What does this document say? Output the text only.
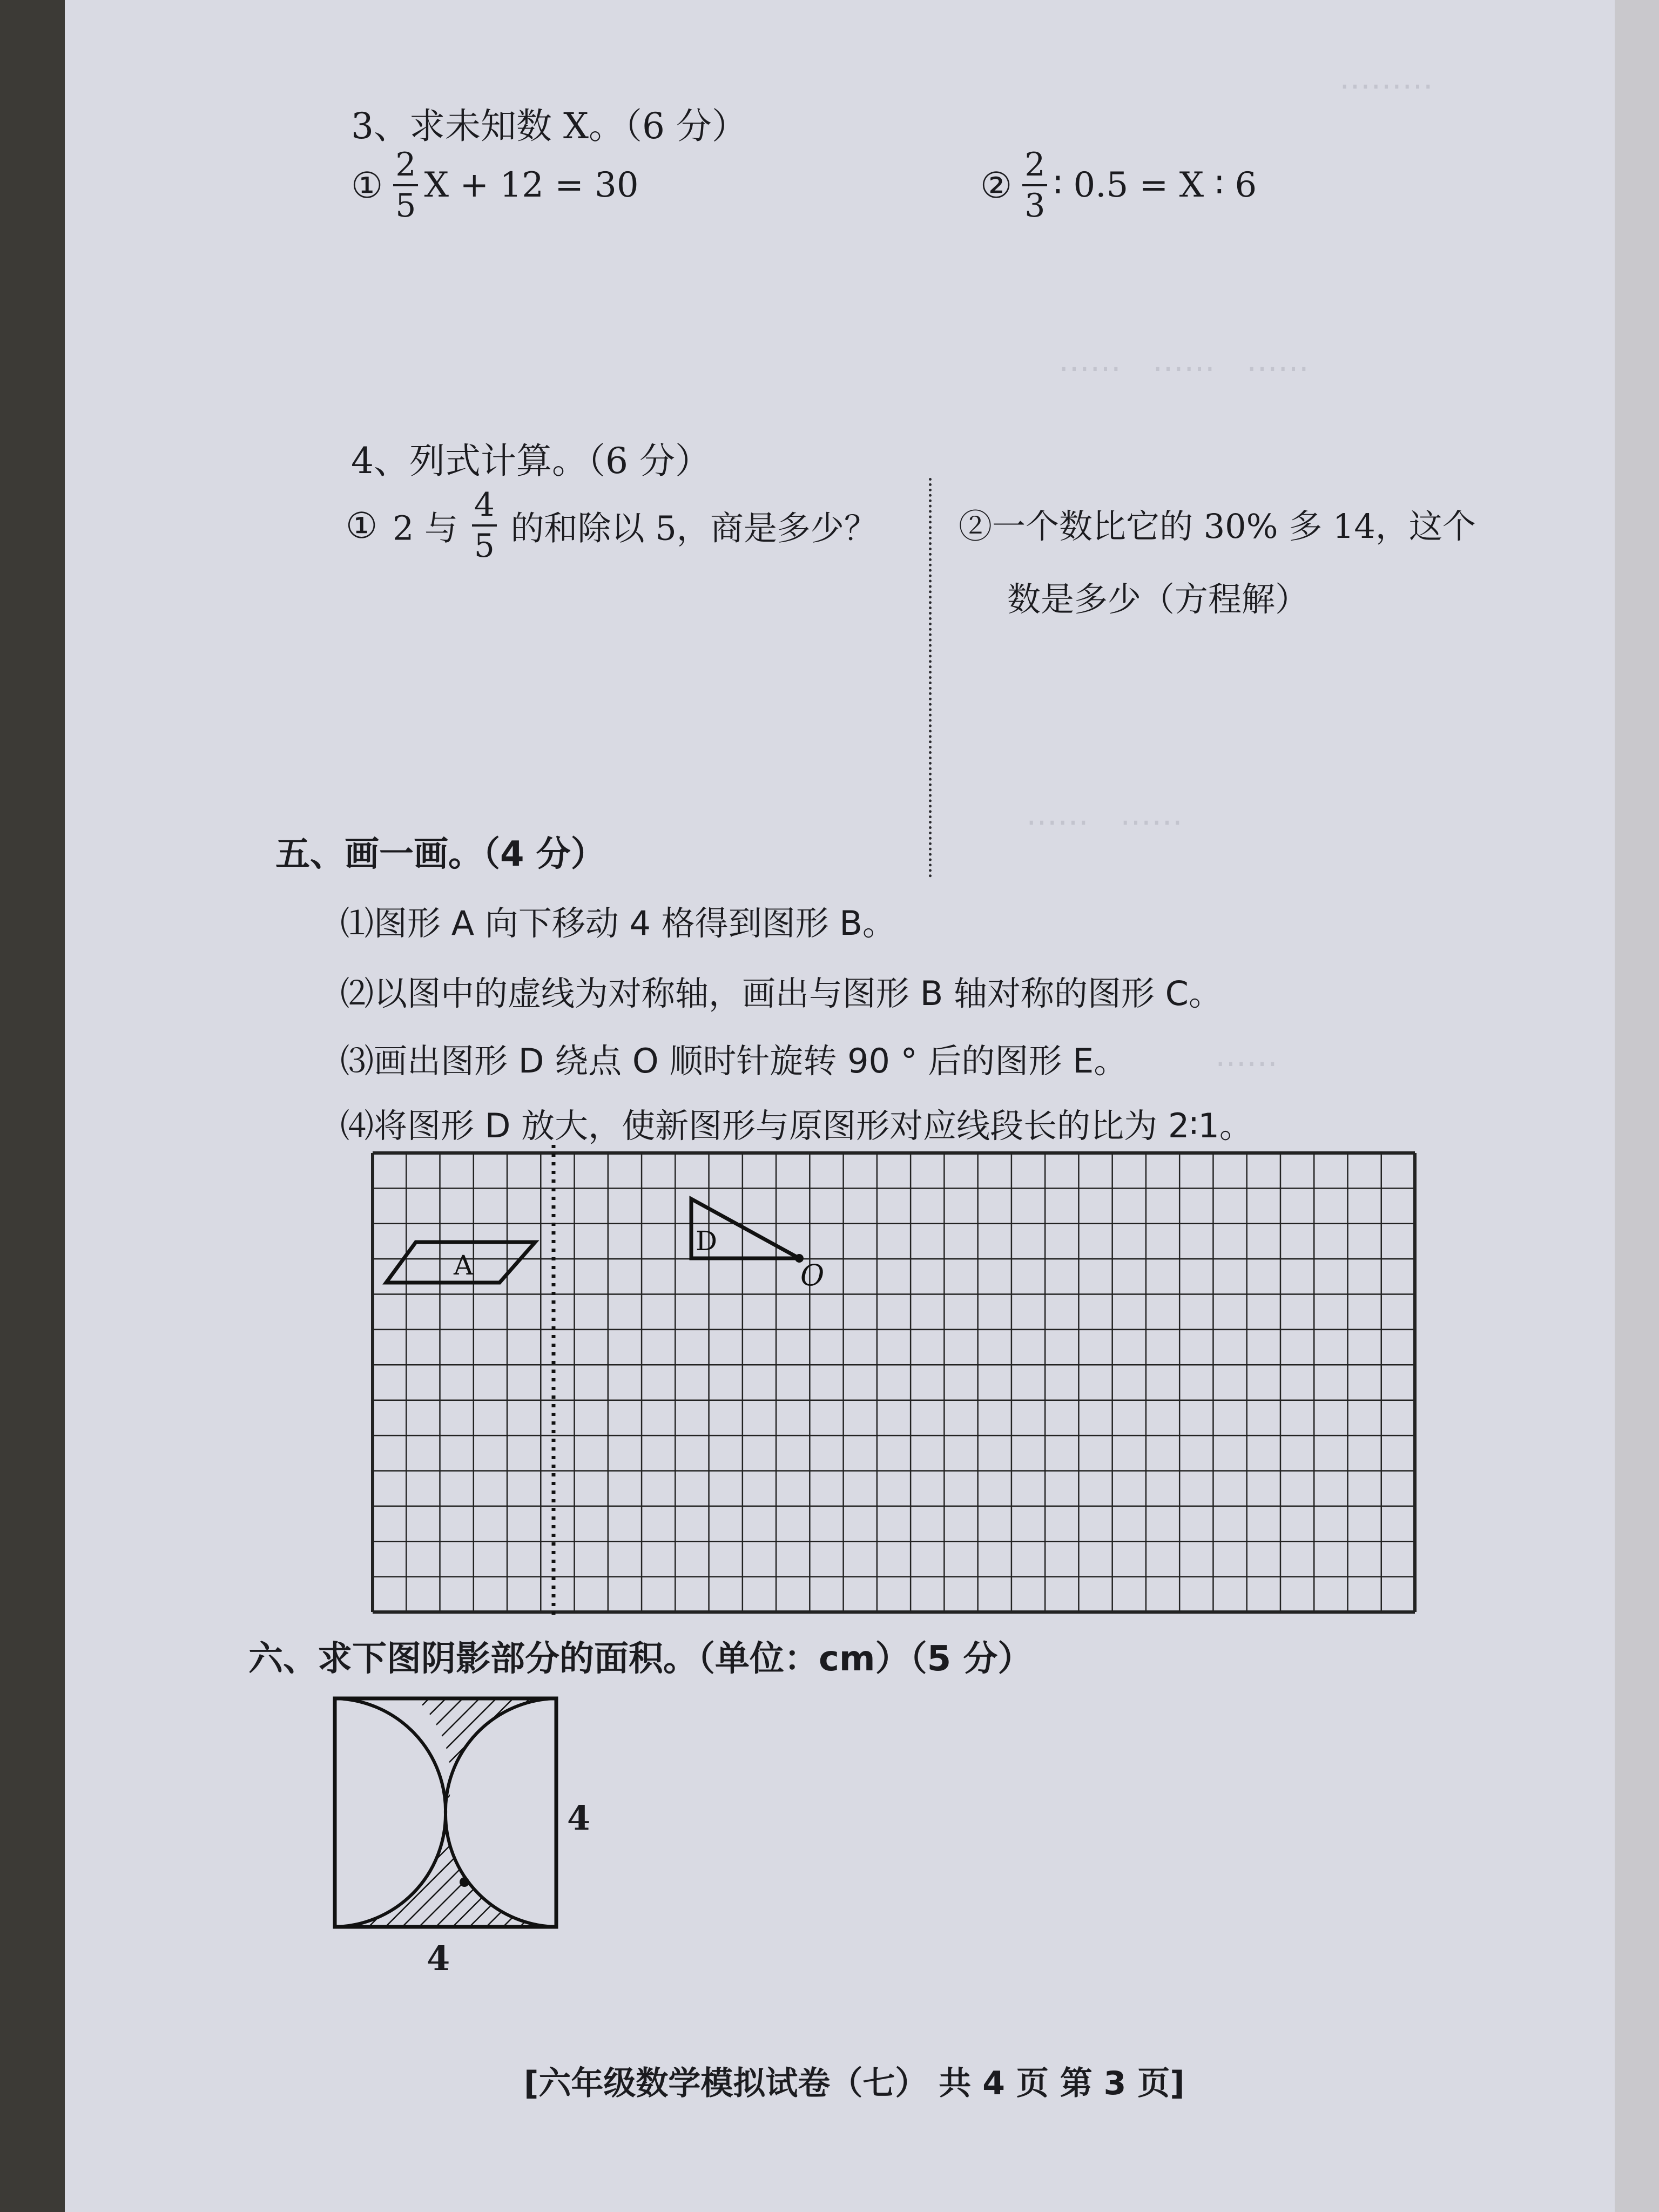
………
……　……　……
……　……
……
3、求未知数 X。（6 分）
① $\frac{2}{5}$ X + 12 = 30	② $\frac{2}{3}$ ∶ 0.5 = X ∶ 6
4、列式计算。（6 分）
① 2 与 $\frac{4}{5}$ 的和除以 5，商是多少？ ②一个数比它的 30% 多 14，这个
数是多少（方程解）
五、画一画。（4 分）
⑴图形 A 向下移动 4 格得到图形 B。
⑵以图中的虚线为对称轴，画出与图形 B 轴对称的图形 C。
⑶画出图形 D 绕点 O 顺时针旋转 90 ° 后的图形 E。
⑷将图形 D 放大，使新图形与原图形对应线段长的比为 2∶1。
A
D
O
六、求下图阴影部分的面积。（单位：cm）（5 分）
4
4
[六年级数学模拟试卷（七） 共 4 页 第 3 页]
